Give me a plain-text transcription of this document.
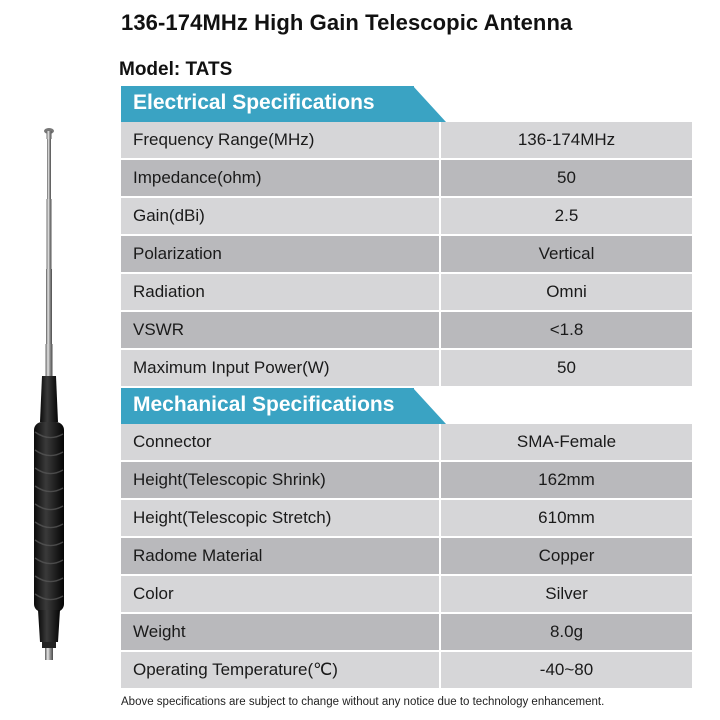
136-174MHz High Gain Telescopic Antenna
Model: TATS
Electrical Specifications
Frequency Range(MHz)	136-174MHz
Impedance(ohm)	50
Gain(dBi)	2.5
Polarization	Vertical
Radiation	Omni
VSWR	<1.8
Maximum Input Power(W)	50
Mechanical Specifications
Connector	SMA-Female
Height(Telescopic Shrink)	162mm
Height(Telescopic Stretch)	610mm
Radome Material	Copper
Color	Silver
Weight	8.0g
Operating Temperature(℃)	-40~80
Above specifications are subject to change without any notice due to technology enhancement.
